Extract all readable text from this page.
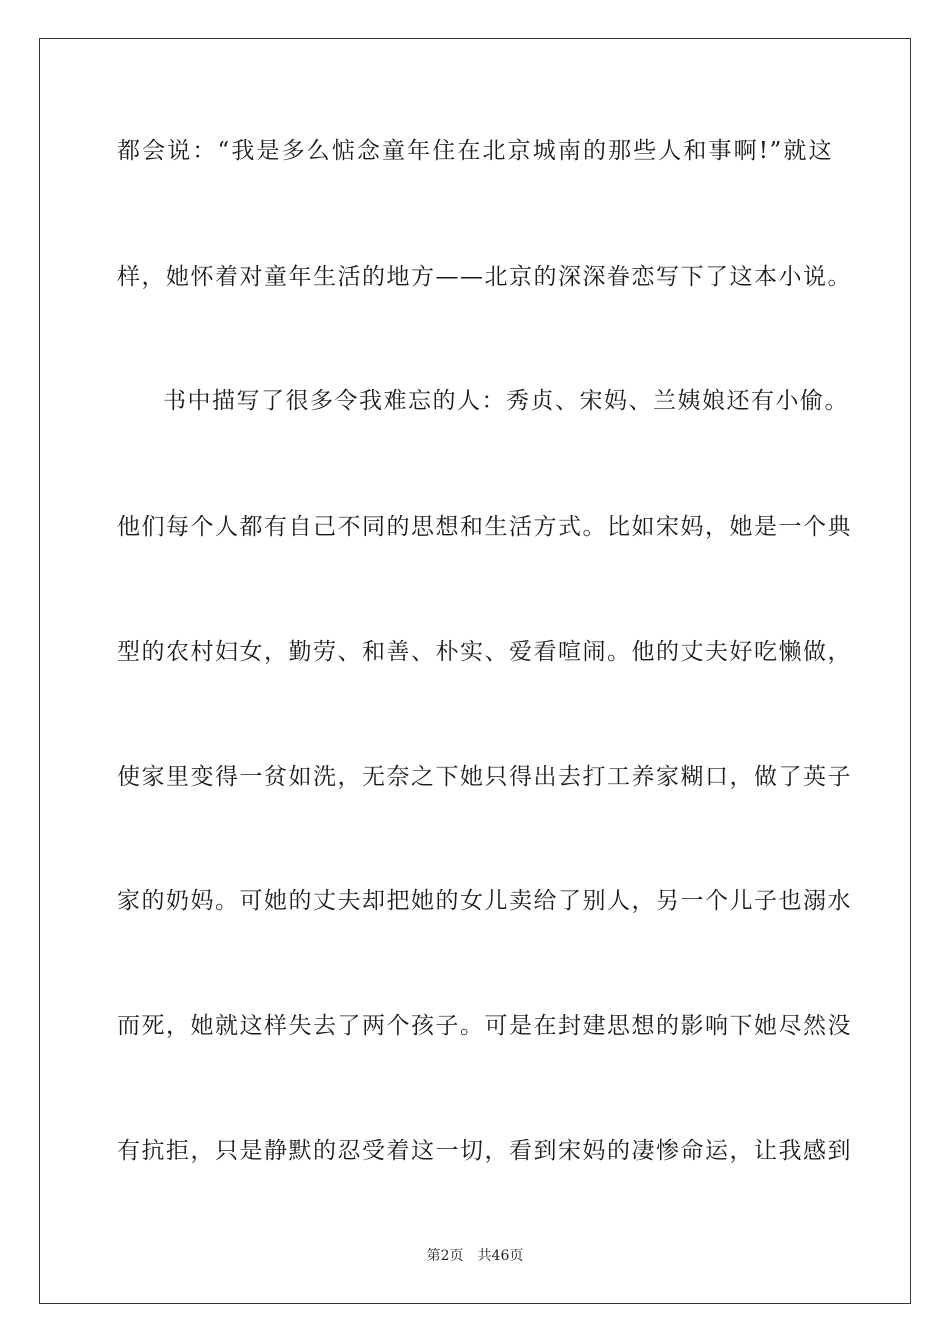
都会说：“我是多么惦念童年住在北京城南的那些人和事啊!”就这
样，她怀着对童年生活的地方——北京的深深眷恋写下了这本小说。
书中描写了很多令我难忘的人：秀贞、宋妈、兰姨娘还有小偷。
他们每个人都有自己不同的思想和生活方式。比如宋妈，她是一个典
型的农村妇女，勤劳、和善、朴实、爱看喧闹。他的丈夫好吃懒做，
使家里变得一贫如洗，无奈之下她只得出去打工养家糊口，做了英子
家的奶妈。可她的丈夫却把她的女儿卖给了别人，另一个儿子也溺水
而死，她就这样失去了两个孩子。可是在封建思想的影响下她尽然没
有抗拒，只是静默的忍受着这一切，看到宋妈的凄惨命运，让我感到
第2页 共46页
